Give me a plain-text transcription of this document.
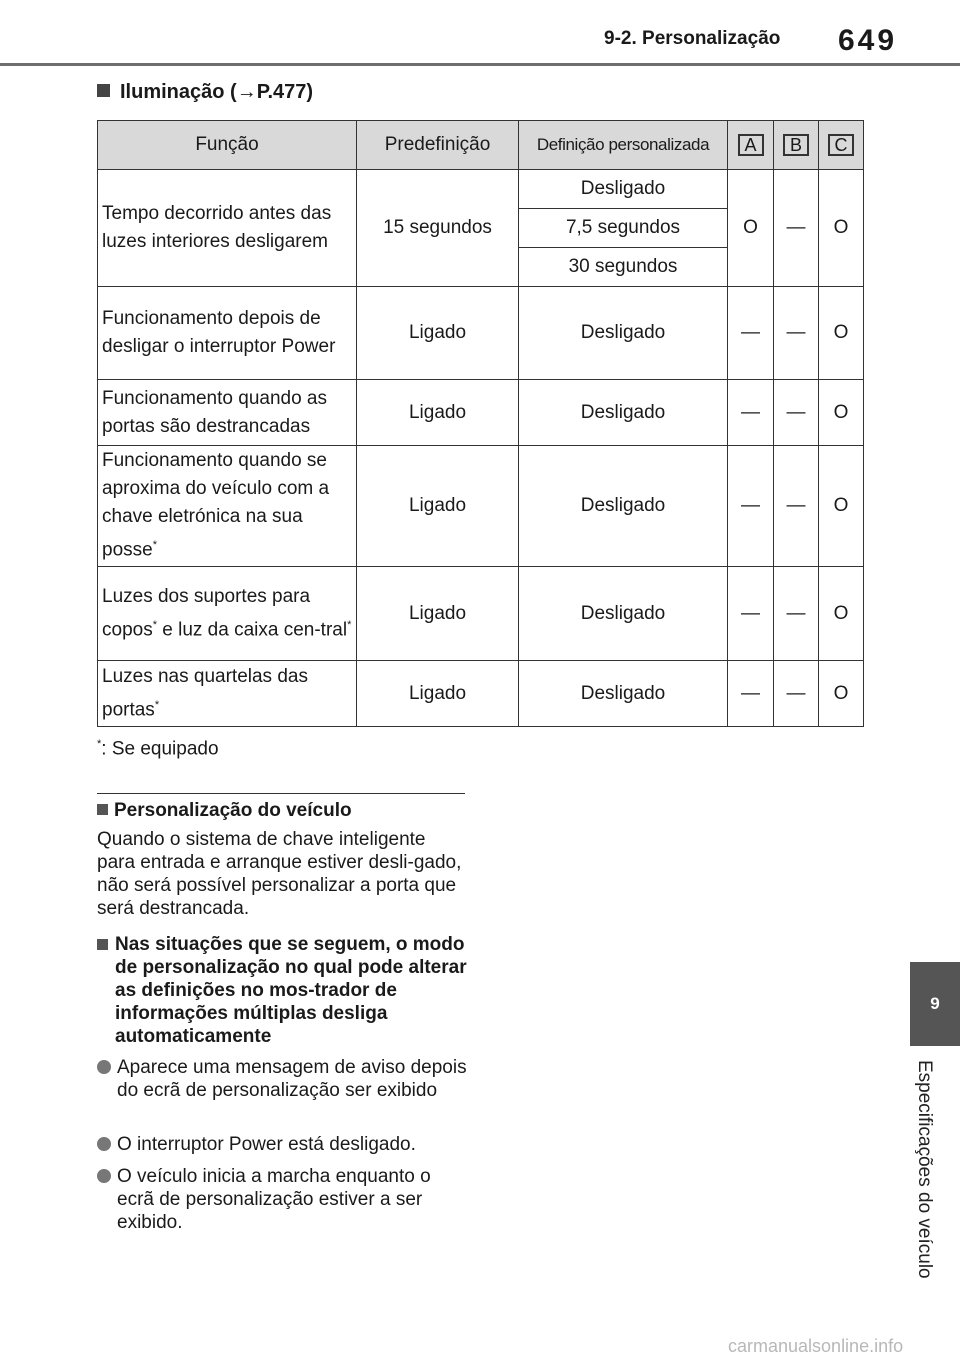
9-2. Personalização 649
Iluminação (→P.477)
Função	Predefinição	Definição personalizada	A	B	C
Tempo decorrido antes das luzes interiores desligarem	15 segundos	Desligado	O	—	O
		7,5 segundos			
		30 segundos			
Funcionamento depois de desligar o interruptor Power	Ligado	Desligado	—	—	O
Funcionamento quando as portas são destrancadas	Ligado	Desligado	—	—	O
Funcionamento quando se aproxima do veículo com a chave eletrónica na sua posse*	Ligado	Desligado	—	—	O
Luzes dos suportes para copos* e luz da caixa cen-tral*	Ligado	Desligado	—	—	O
Luzes nas quartelas das portas*	Ligado	Desligado	—	—	O
*: Se equipado
Personalização do veículo
Quando o sistema de chave inteligente para entrada e arranque estiver desli-gado, não será possível personalizar a porta que será destrancada.
Nas situações que se seguem, o modo de personalização no qual pode alterar as definições no mos-trador de informações múltiplas desliga automaticamente
Aparece uma mensagem de aviso depois do ecrã de personalização ser exibido
O interruptor Power está desligado.
O veículo inicia a marcha enquanto o ecrã de personalização estiver a ser exibido.
9
Especificações do veículo
carmanualsonline.info
